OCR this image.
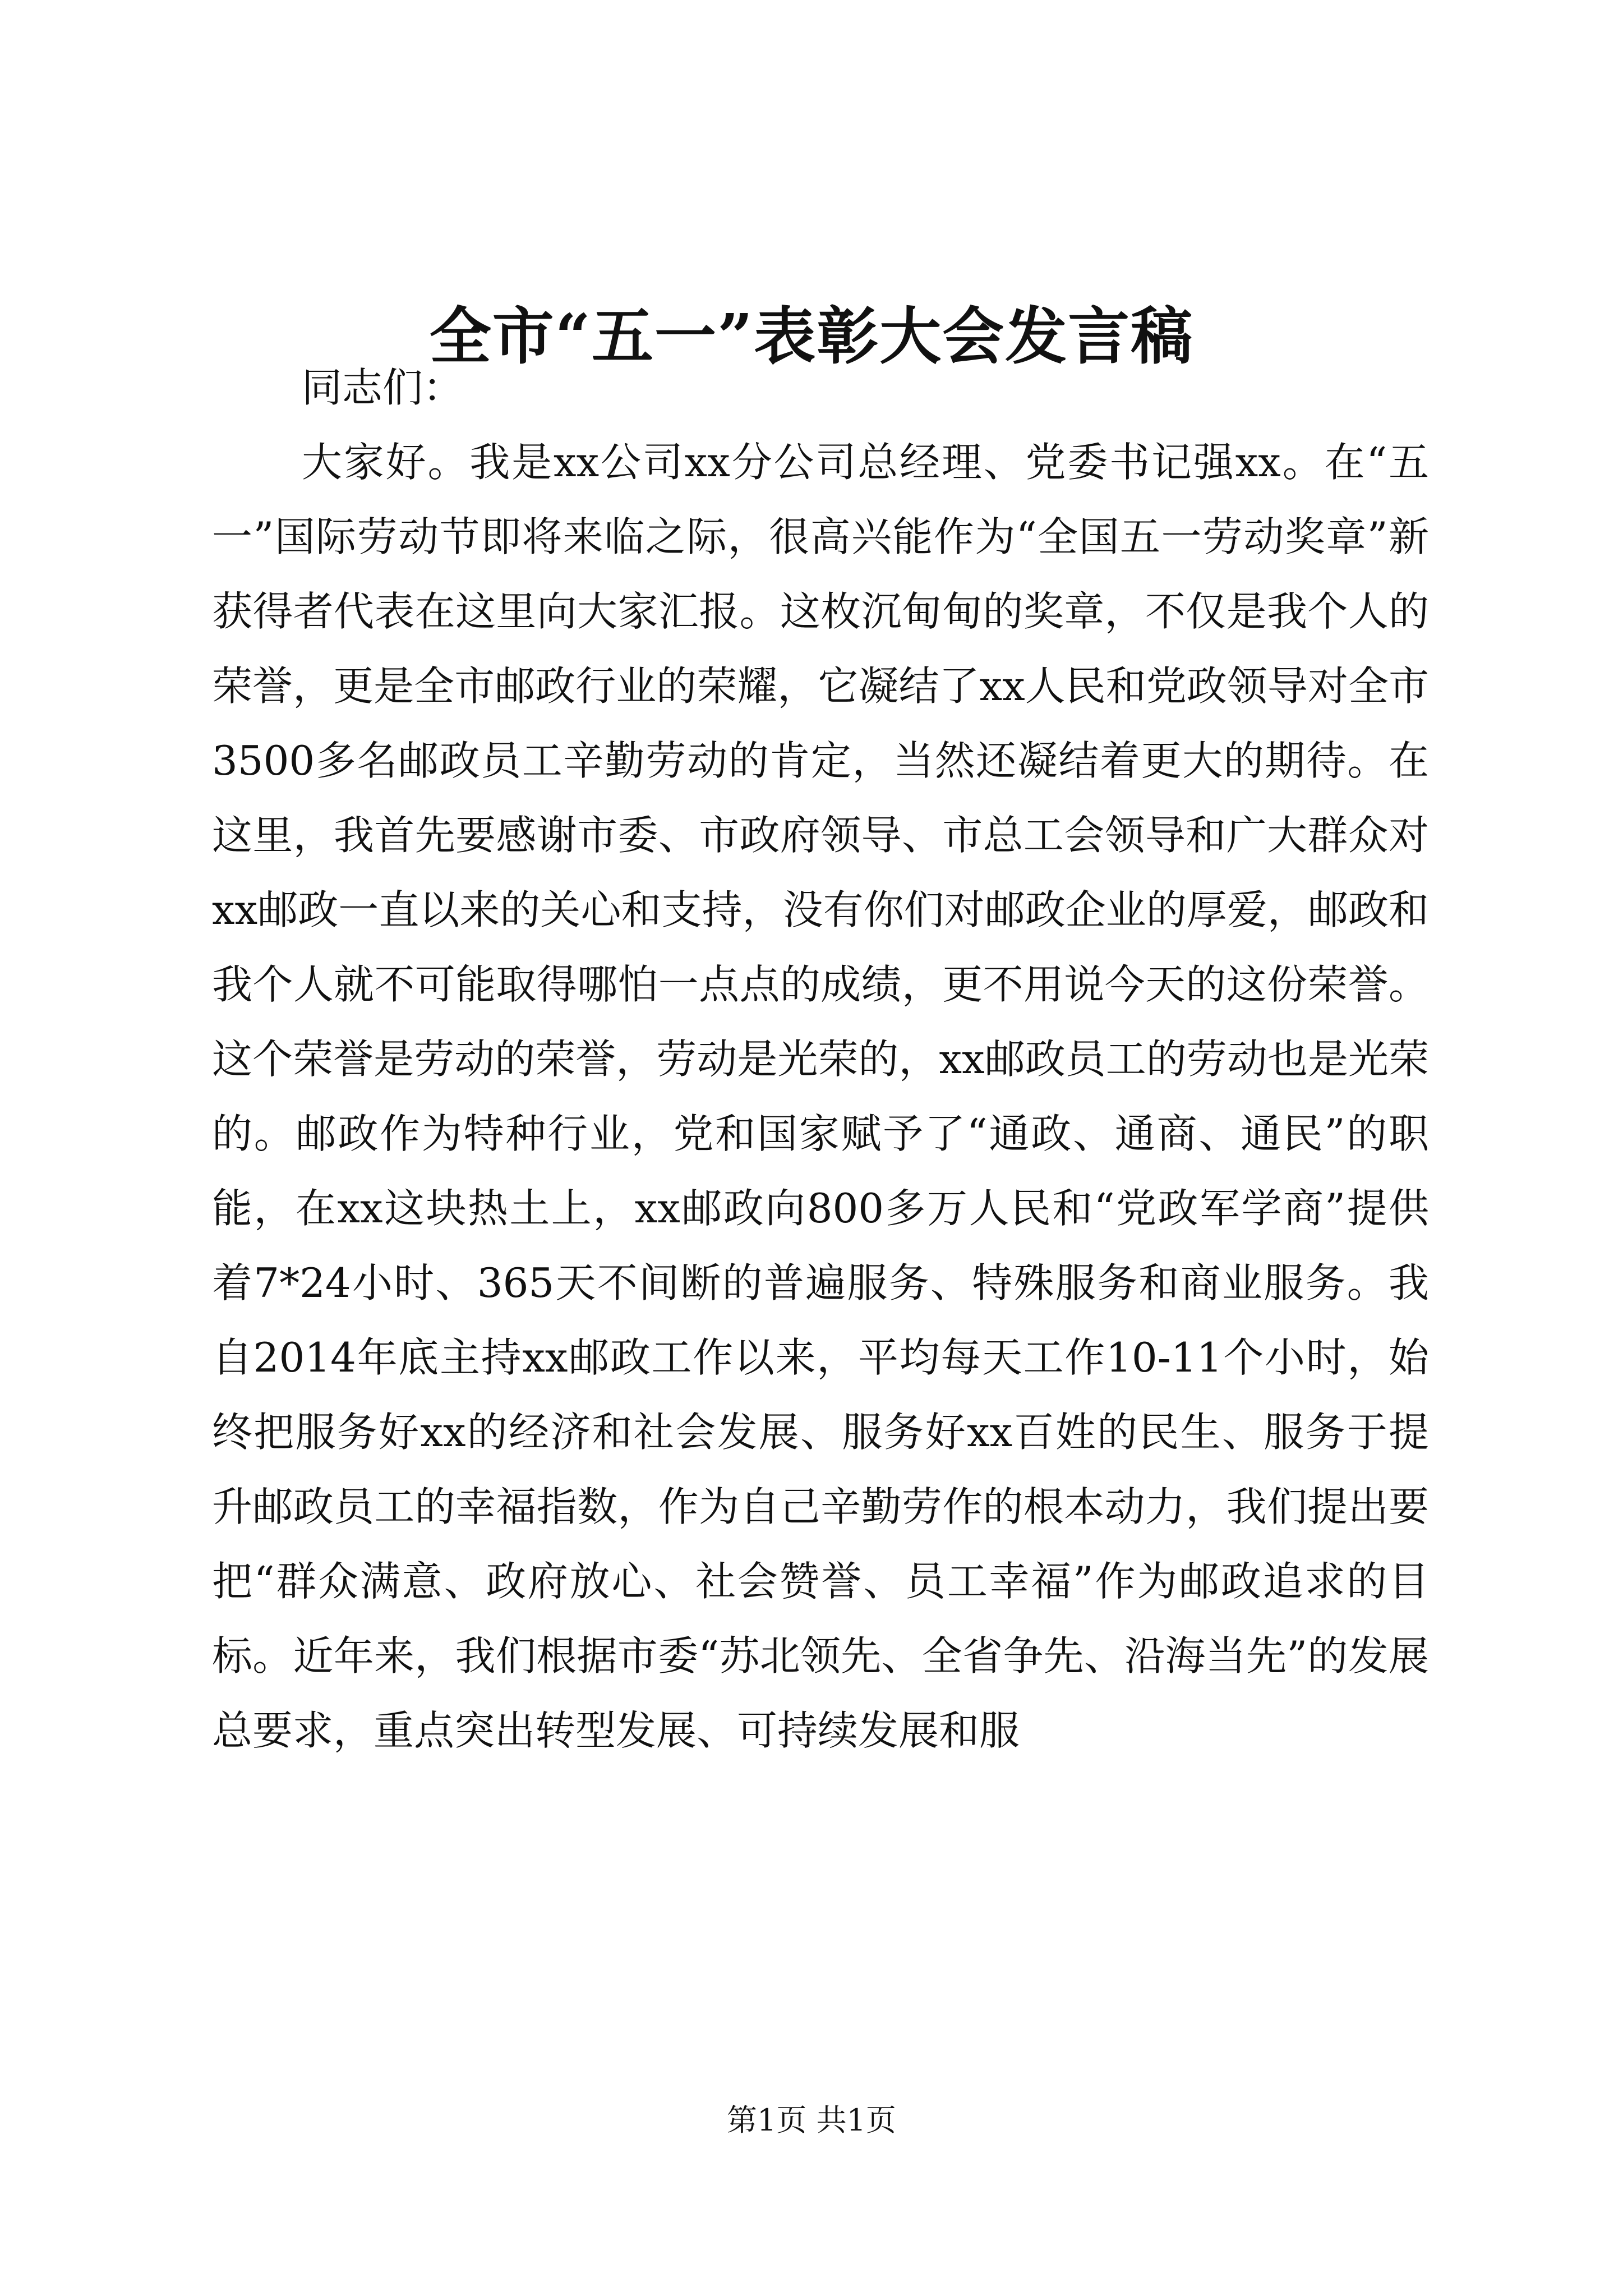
全市“五一”表彰大会发言稿

同志们：

大家好。我是xx公司xx分公司总经理、党委书记强xx。在“五一”国际劳动节即将来临之际，很高兴能作为“全国五一劳动奖章”新获得者代表在这里向大家汇报。这枚沉甸甸的奖章，不仅是我个人的荣誉，更是全市邮政行业的荣耀，它凝结了xx人民和党政领导对全市3500多名邮政员工辛勤劳动的肯定，当然还凝结着更大的期待。在这里，我首先要感谢市委、市政府领导、市总工会领导和广大群众对xx邮政一直以来的关心和支持，没有你们对邮政企业的厚爱，邮政和我个人就不可能取得哪怕一点点的成绩，更不用说今天的这份荣誉。这个荣誉是劳动的荣誉，劳动是光荣的，xx邮政员工的劳动也是光荣的。邮政作为特种行业，党和国家赋予了“通政、通商、通民”的职能，在xx这块热土上，xx邮政向800多万人民和“党政军学商”提供着7*24小时、365天不间断的普遍服务、特殊服务和商业服务。我自2014年底主持xx邮政工作以来，平均每天工作10-11个小时，始终把服务好xx的经济和社会发展、服务好xx百姓的民生、服务于提升邮政员工的幸福指数，作为自己辛勤劳作的根本动力，我们提出要把“群众满意、政府放心、社会赞誉、员工幸福”作为邮政追求的目标。近年来，我们根据市委“苏北领先、全省争先、沿海当先”的发展总要求，重点突出转型发展、可持续发展和服

第1页 共1页
